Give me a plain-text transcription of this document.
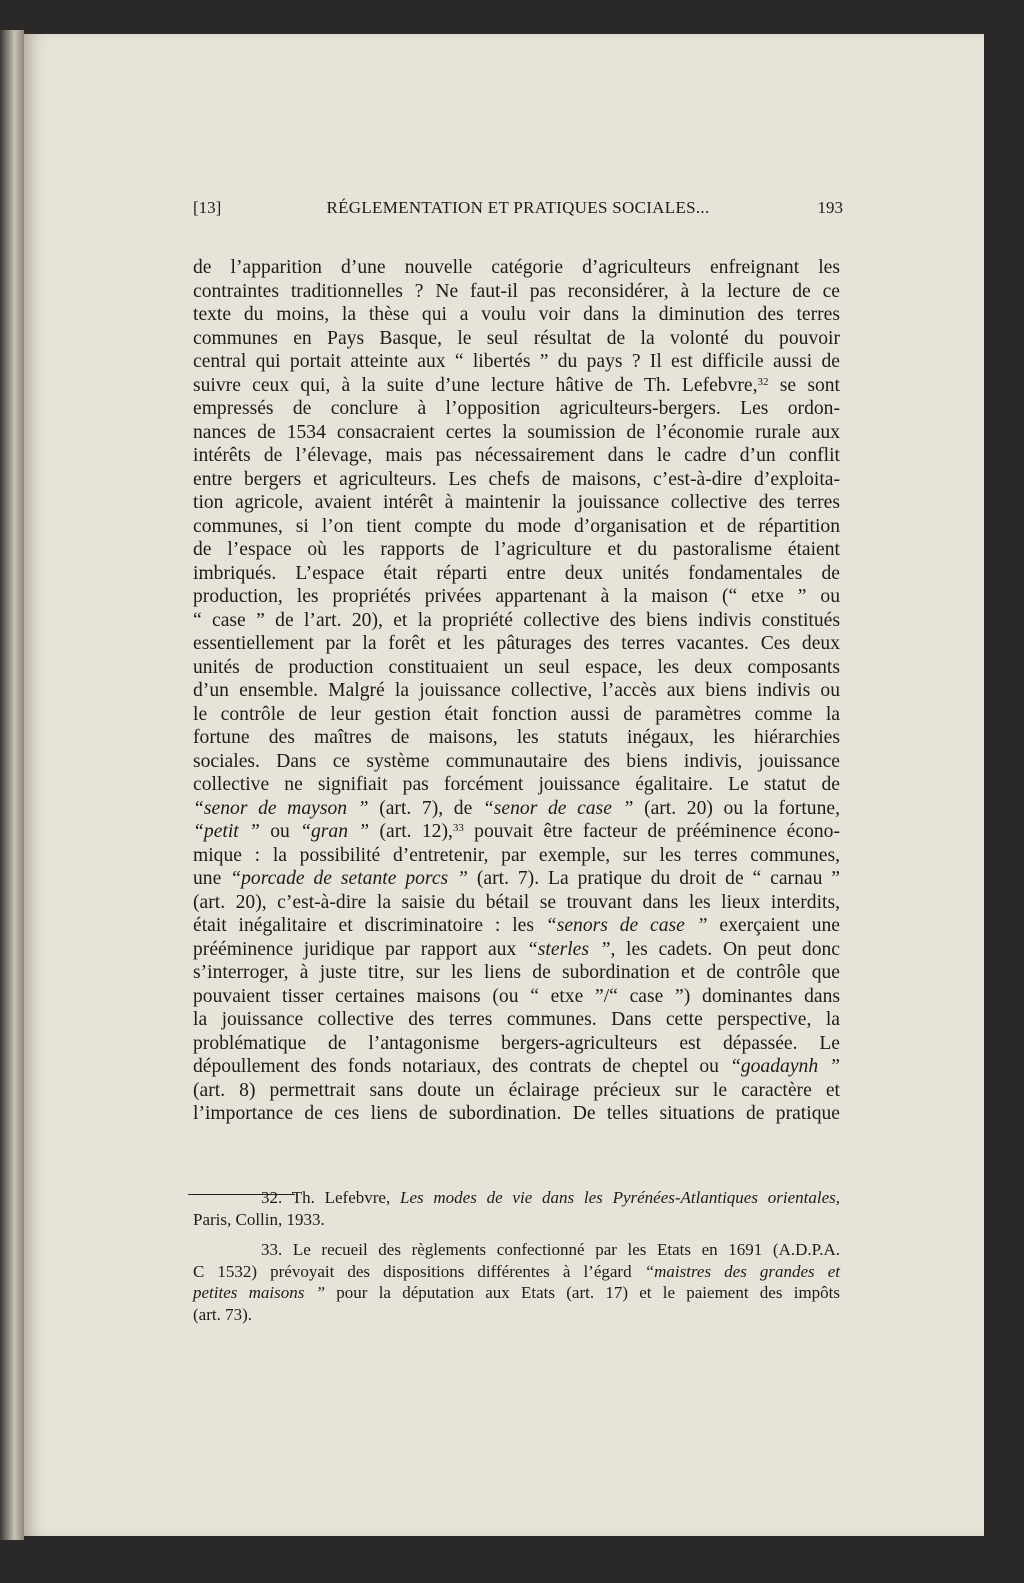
[13]	RÉGLEMENTATION ET PRATIQUES SOCIALES...	193
de l’apparition d’une nouvelle catégorie d’agriculteurs enfreignant les
contraintes traditionnelles ? Ne faut-il pas reconsidérer, à la lecture de ce
texte du moins, la thèse qui a voulu voir dans la diminution des terres
communes en Pays Basque, le seul résultat de la volonté du pouvoir
central qui portait atteinte aux “ libertés ” du pays ? Il est difficile aussi de
suivre ceux qui, à la suite d’une lecture hâtive de Th. Lefebvre,$^{32}$ se sont
empressés de conclure à l’opposition agriculteurs-bergers. Les ordon-
nances de 1534 consacraient certes la soumission de l’économie rurale aux
intérêts de l’élevage, mais pas nécessairement dans le cadre d’un conflit
entre bergers et agriculteurs. Les chefs de maisons, c’est-à-dire d’exploita-
tion agricole, avaient intérêt à maintenir la jouissance collective des terres
communes, si l’on tient compte du mode d’organisation et de répartition
de l’espace où les rapports de l’agriculture et du pastoralisme étaient
imbriqués. L’espace était réparti entre deux unités fondamentales de
production, les propriétés privées appartenant à la maison (“ etxe ” ou
“ case ” de l’art. 20), et la propriété collective des biens indivis constitués
essentiellement par la forêt et les pâturages des terres vacantes. Ces deux
unités de production constituaient un seul espace, les deux composants
d’un ensemble. Malgré la jouissance collective, l’accès aux biens indivis ou
le contrôle de leur gestion était fonction aussi de paramètres comme la
fortune des maîtres de maisons, les statuts inégaux, les hiérarchies
sociales. Dans ce système communautaire des biens indivis, jouissance
collective ne signifiait pas forcément jouissance égalitaire. Le statut de
“senor de mayson ” (art. 7), de “senor de case ” (art. 20) ou la fortune,
“petit ” ou “gran ” (art. 12),$^{33}$ pouvait être facteur de prééminence écono-
mique : la possibilité d’entretenir, par exemple, sur les terres communes,
une “porcade de setante porcs ” (art. 7). La pratique du droit de “ carnau ”
(art. 20), c’est-à-dire la saisie du bétail se trouvant dans les lieux interdits,
était inégalitaire et discriminatoire : les “senors de case ” exerçaient une
prééminence juridique par rapport aux “sterles ”, les cadets. On peut donc
s’interroger, à juste titre, sur les liens de subordination et de contrôle que
pouvaient tisser certaines maisons (ou “ etxe ”/“ case ”) dominantes dans
la jouissance collective des terres communes. Dans cette perspective, la
problématique de l’antagonisme bergers-agriculteurs est dépassée. Le
dépoullement des fonds notariaux, des contrats de cheptel ou “goadaynh ”
(art. 8) permettrait sans doute un éclairage précieux sur le caractère et
l’importance de ces liens de subordination. De telles situations de pratique
32. Th. Lefebvre, Les modes de vie dans les Pyrénées-Atlantiques orientales,
Paris, Collin, 1933.
33. Le recueil des règlements confectionné par les Etats en 1691 (A.D.P.A.
C 1532) prévoyait des dispositions différentes à l’égard “maistres des grandes et
petites maisons ” pour la députation aux Etats (art. 17) et le paiement des impôts
(art. 73).
